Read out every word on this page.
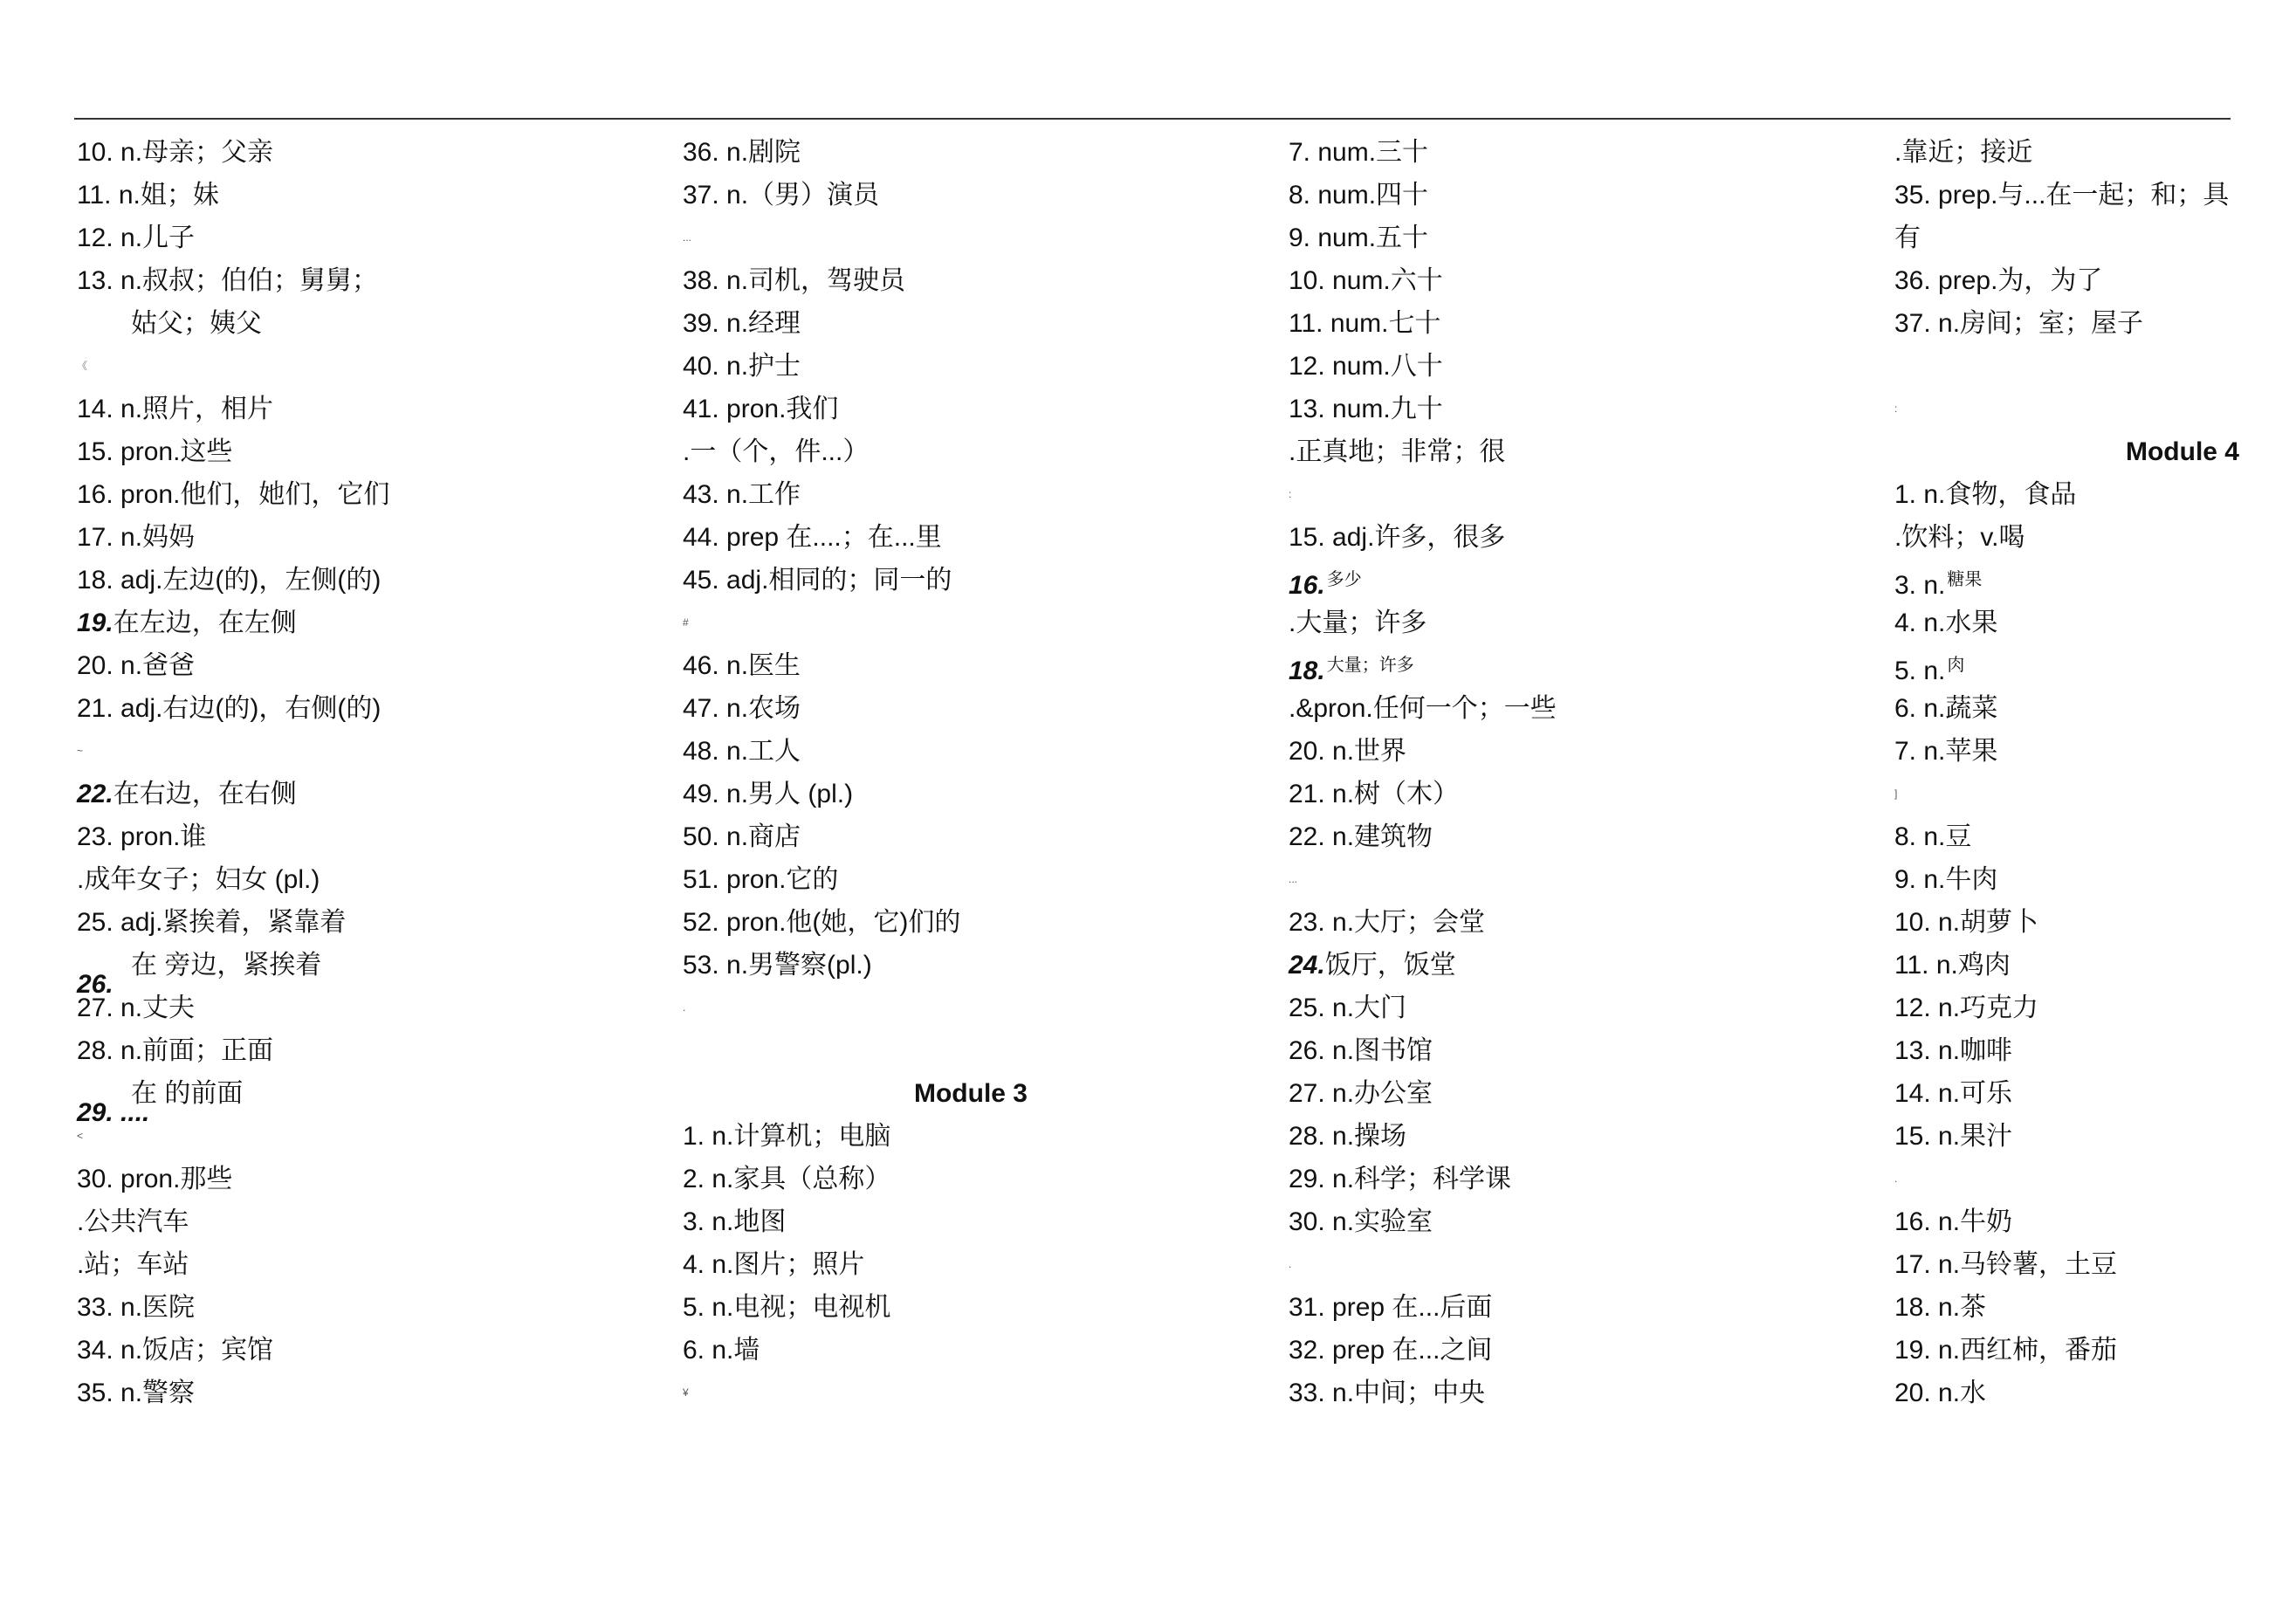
10. n.母亲；父亲
11. n.姐；妹
12. n.儿子
13. n.叔叔；伯伯；舅舅；
姑父；姨父
《
14. n.照片，相片
15. pron.这些
16. pron.他们，她们，它们
17. n.妈妈
18. adj.左边(的)，左侧(的)
19.在左边，在左侧
20. n.爸爸
21. adj.右边(的)，右侧(的)
~
22.在右边，在右侧
23. pron.谁
.成年女子；妇女 (pl.)
25. adj.紧挨着，紧靠着
在 旁边，紧挨着
26.
27. n.丈夫
28. n.前面；正面
在 的前面
29. ....
<
30. pron.那些
.公共汽车
.站；车站
33. n.医院
34. n.饭店；宾馆
35. n.警察
36. n.剧院
37. n.（男）演员
...
38. n.司机，驾驶员
39. n.经理
40. n.护士
41. pron.我们
.一（个，件...）
43. n.工作
44. prep 在....；在...里
45. adj.相同的；同一的
#
46. n.医生
47. n.农场
48. n.工人
49. n.男人 (pl.)
50. n.商店
51. pron.它的
52. pron.他(她，它)们的
53. n.男警察(pl.)
.
Module 3
1. n.计算机；电脑
2. n.家具（总称）
3. n.地图
4. n.图片；照片
5. n.电视；电视机
6. n.墙
¥
7. num.三十
8. num.四十
9. num.五十
10. num.六十
11. num.七十
12. num.八十
13. num.九十
.正真地；非常；很
:
15. adj.许多，很多
16. $^{多少}$
.大量；许多
18. $^{大量;许多}$
.&pron.任何一个；一些
20. n.世界
21. n.树（木）
22. n.建筑物
...
23. n.大厅；会堂
24.饭厅，饭堂
25. n.大门
26. n.图书馆
27. n.办公室
28. n.操场
29. n.科学；科学课
30. n.实验室
.
31. prep 在...后面
32. prep 在...之间
33. n.中间；中央
.靠近；接近
35. prep.与...在一起；和；具
有
36. prep.为，为了
37. n.房间；室；屋子
:
Module 4
1. n.食物，食品
.饮料；v.喝
3. n. $^{糖果}$
4. n.水果
5. n. $^肉$
6. n.蔬菜
7. n.苹果
]
8. n.豆
9. n.牛肉
10. n.胡萝卜
11. n.鸡肉
12. n.巧克力
13. n.咖啡
14. n.可乐
15. n.果汁
.
16. n.牛奶
17. n.马铃薯，土豆
18. n.茶
19. n.西红柿，番茄
20. n.水
